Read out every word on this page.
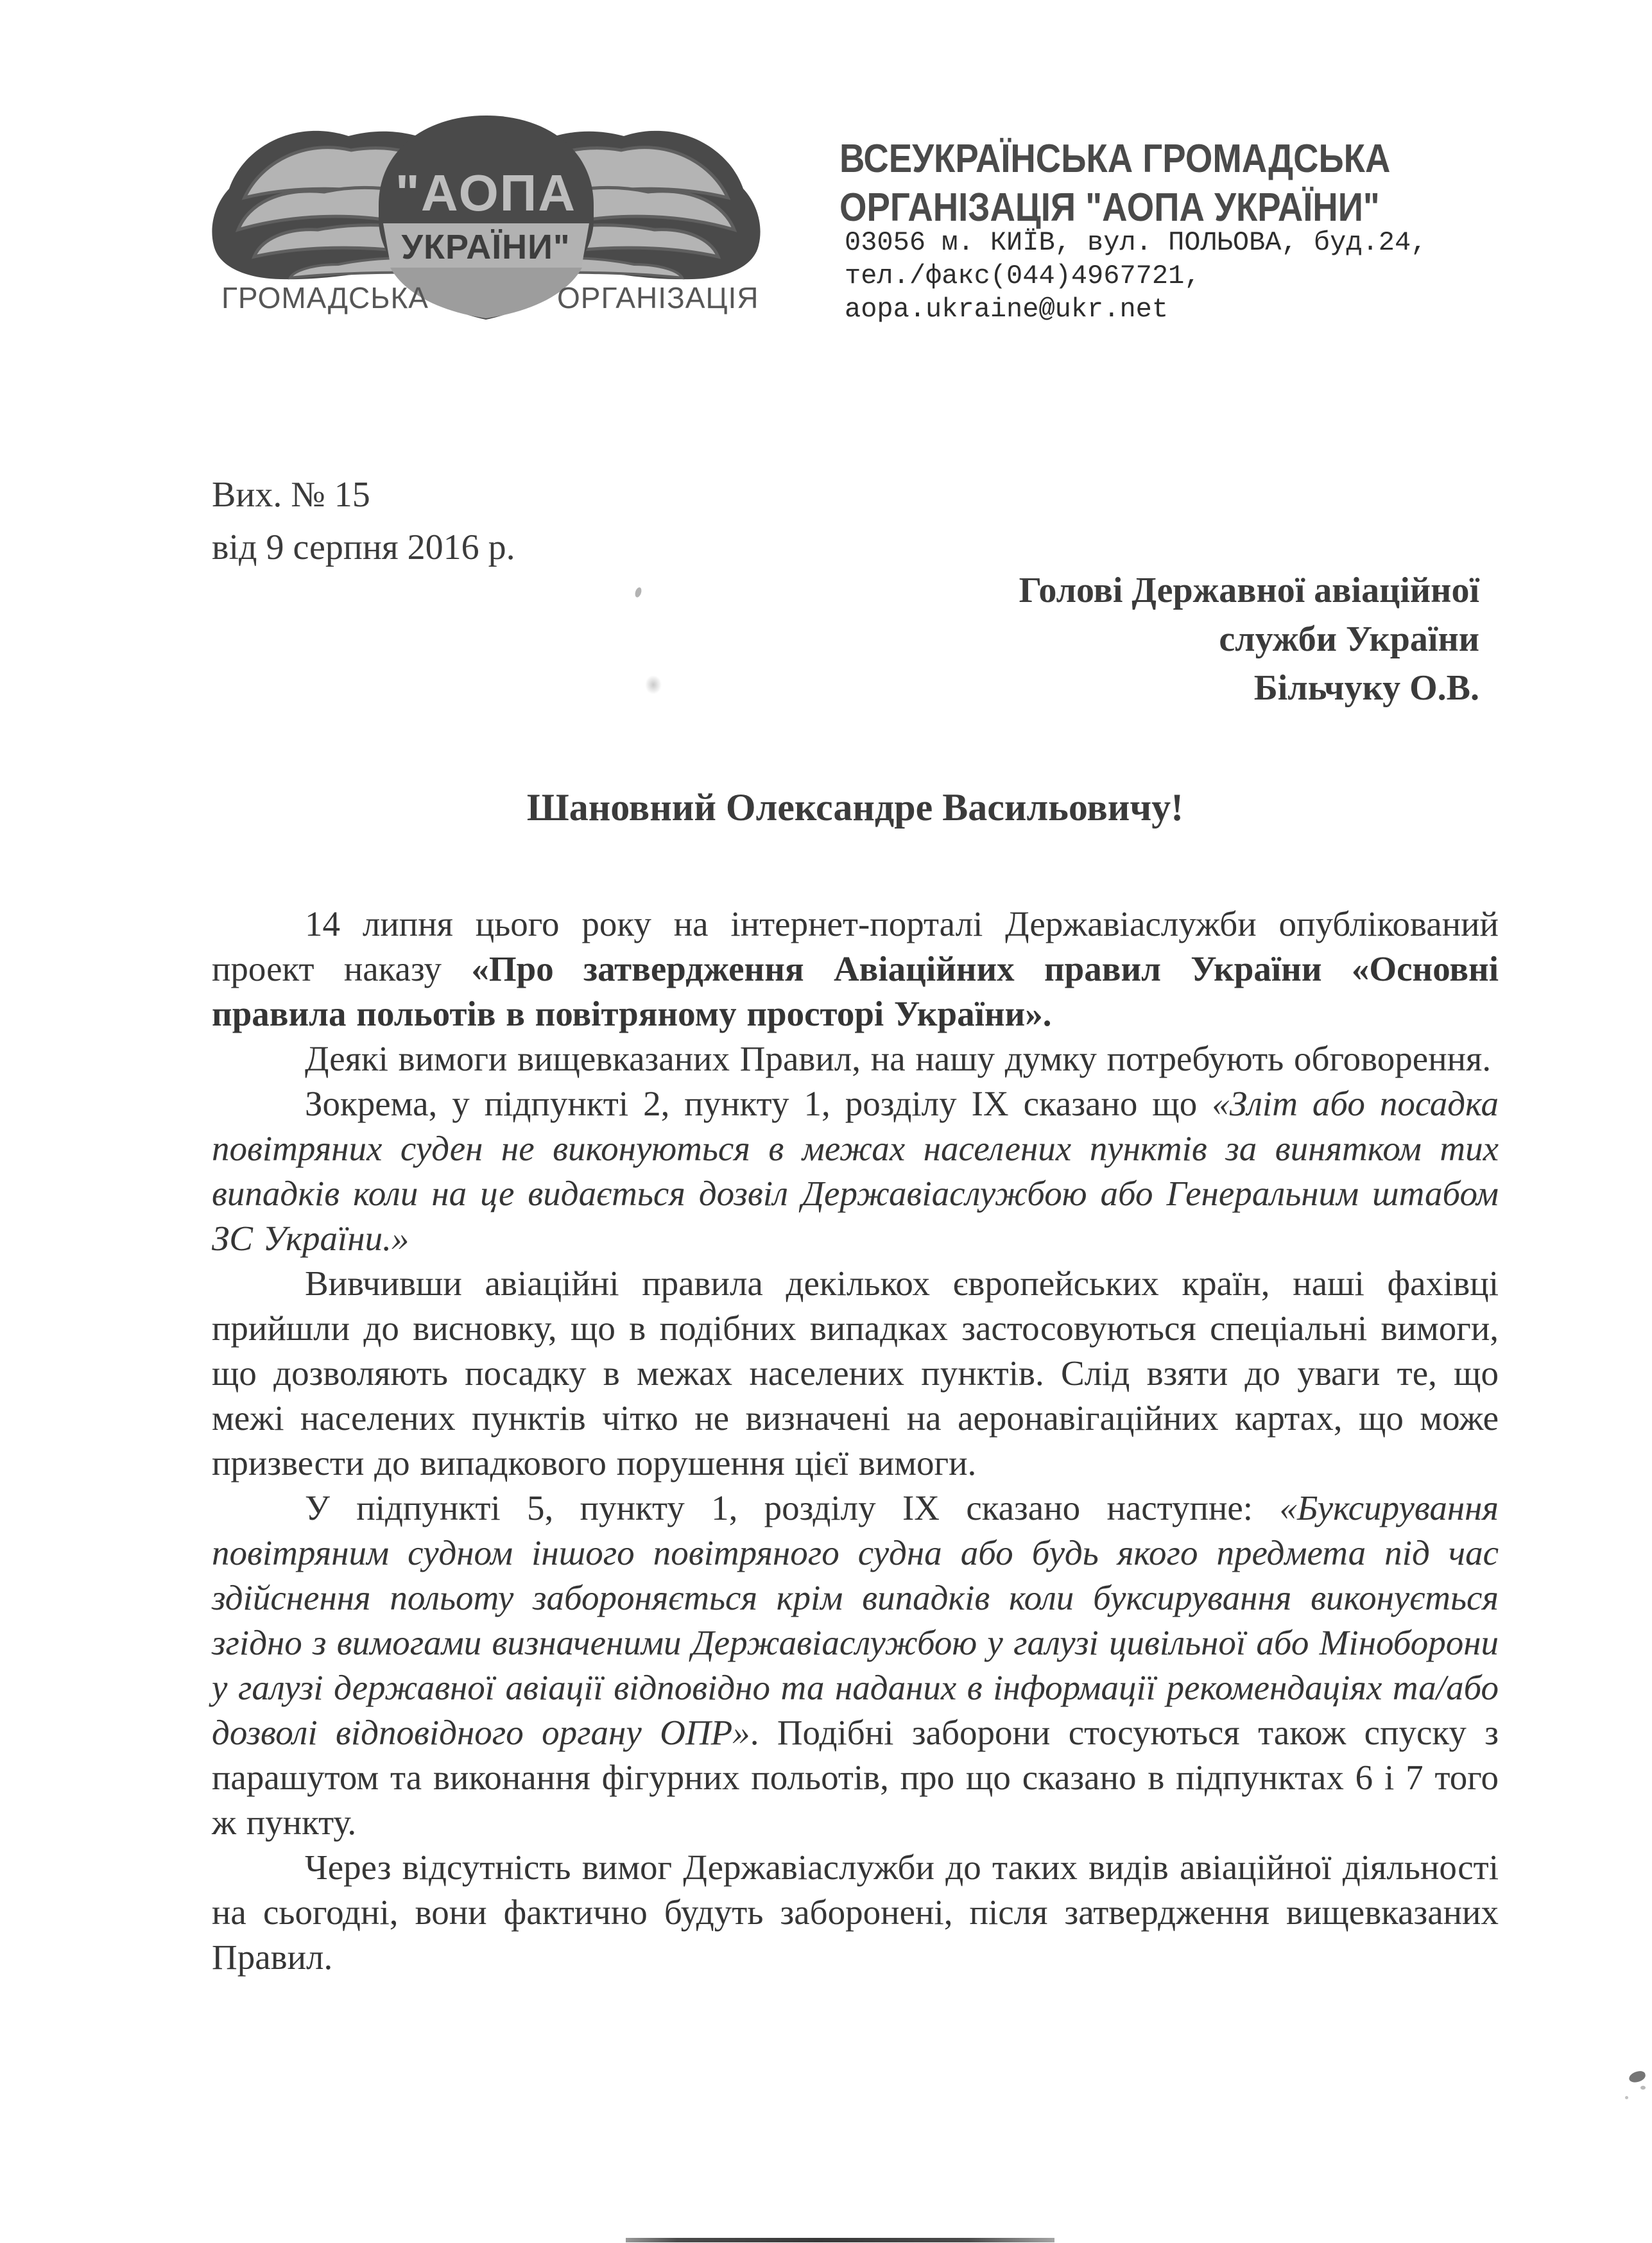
"АОПА
УКРАЇНИ"
ГРОМАДСЬКА	ОРГАНІЗАЦІЯ
ВСЕУКРАЇНСЬКА ГРОМАДСЬКА
ОРГАНІЗАЦІЯ "АОПА УКРАЇНИ"
03056 м. КИЇВ, вул. ПОЛЬОВА, буд.24,
тел./факс(044)4967721,
aopa.ukraine@ukr.net
Вих. № 15
від 9 серпня 2016 р.
Голові Державної авіаційної
служби України
Більчуку О.В.
Шановний Олександре Васильовичу!

14 липня цього року на інтернет-порталі Державіаслужби опублікований проект наказу «Про затвердження Авіаційних правил України «Основні правила польотів в повітряному просторі України».

Деякі вимоги вищевказаних Правил, на нашу думку потребують обговорення.

Зокрема, у підпункті 2, пункту 1, розділу ІХ сказано що «Зліт або посадка повітряних суден не виконуються в межах населених пунктів за винятком тих випадків коли на це видається дозвіл Державіаслужбою або Генеральним штабом ЗС України.»

Вивчивши авіаційні правила декількох європейських країн, наші фахівці прийшли до висновку, що в подібних випадках застосовуються спеціальні вимоги, що дозволяють посадку в межах населених пунктів. Слід взяти до уваги те, що межі населених пунктів чітко не визначені на аеронавігаційних картах, що може призвести до випадкового порушення цієї вимоги.

У підпункті 5, пункту 1, розділу ІХ сказано наступне: «Буксирування повітряним судном іншого повітряного судна або будь якого предмета під час здійснення польоту забороняється крім випадків коли буксирування виконується згідно з вимогами визначеними Державіаслужбою у галузі цивільної або Міноборони у галузі державної авіації відповідно та наданих в інформації рекомендаціях та/або дозволі відповідного органу ОПР». Подібні заборони стосуються також спуску з парашутом та виконання фігурних польотів, про що сказано в підпунктах 6 і 7 того ж пункту.

Через відсутність вимог Державіаслужби до таких видів авіаційної діяльності на сьогодні, вони фактично будуть заборонені, після затвердження вищевказаних Правил.
